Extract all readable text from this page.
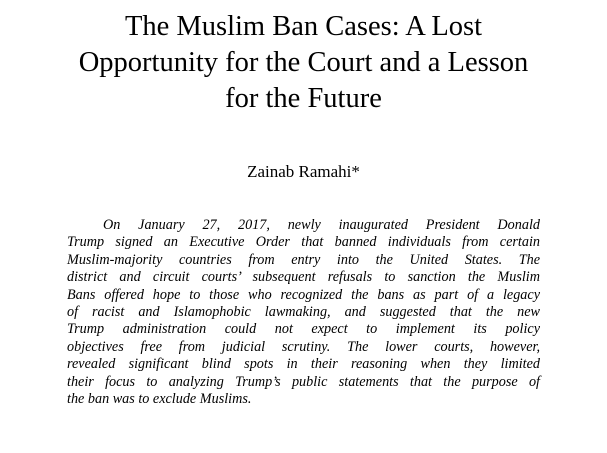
The Muslim Ban Cases: A Lost
Opportunity for the Court and a Lesson
for the Future
Zainab Ramahi*
On January 27, 2017, newly inaugurated President Donald
Trump signed an Executive Order that banned individuals from certain
Muslim-majority countries from entry into the United States. The
district and circuit courts’ subsequent refusals to sanction the Muslim
Bans offered hope to those who recognized the bans as part of a legacy
of racist and Islamophobic lawmaking, and suggested that the new
Trump administration could not expect to implement its policy
objectives free from judicial scrutiny. The lower courts, however,
revealed significant blind spots in their reasoning when they limited
their focus to analyzing Trump’s public statements that the purpose of
the ban was to exclude Muslims.
